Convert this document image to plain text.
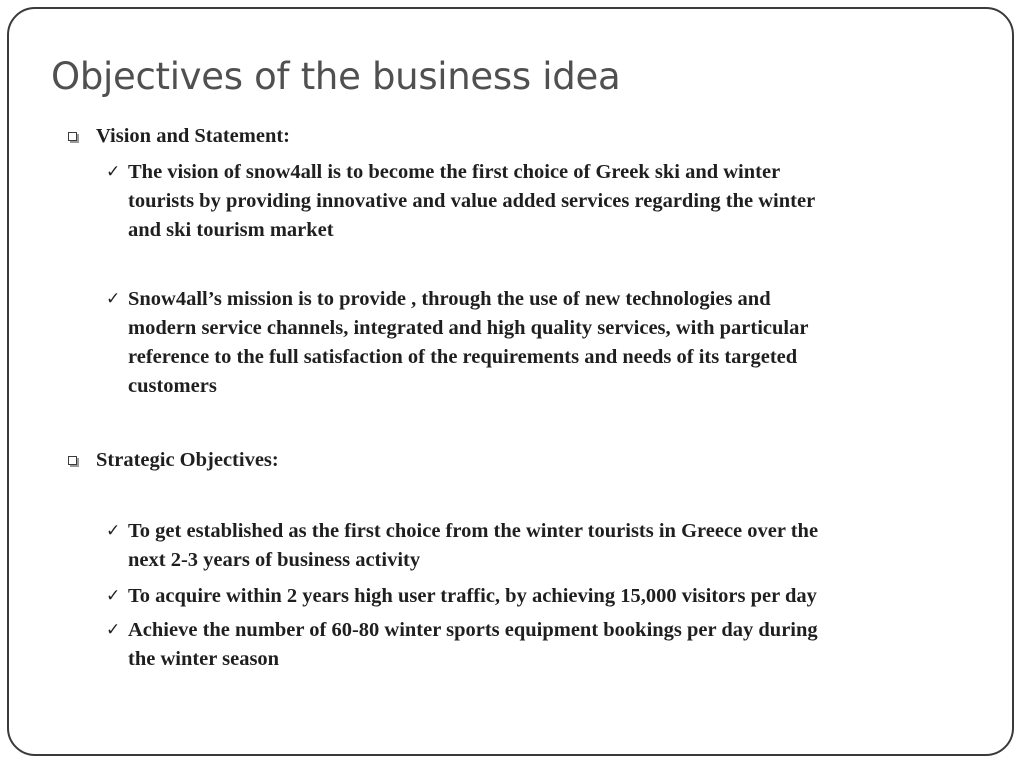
Objectives of the business idea
Vision and Statement:
✓ The vision of snow4all is to become the first choice of Greek ski and winter
tourists by providing innovative and value added services regarding the winter
and ski tourism market
✓ Snow4all’s mission is to provide , through the use of new technologies and
modern service channels, integrated and high quality services, with particular
reference to the full satisfaction of the requirements and needs of its targeted
customers
Strategic Objectives:
✓ To get established as the first choice from the winter tourists in Greece over the
next 2-3 years of business activity
✓ To acquire within 2 years high user traffic, by achieving 15,000 visitors per day
✓ Achieve the number of 60-80 winter sports equipment bookings per day during
the winter season
